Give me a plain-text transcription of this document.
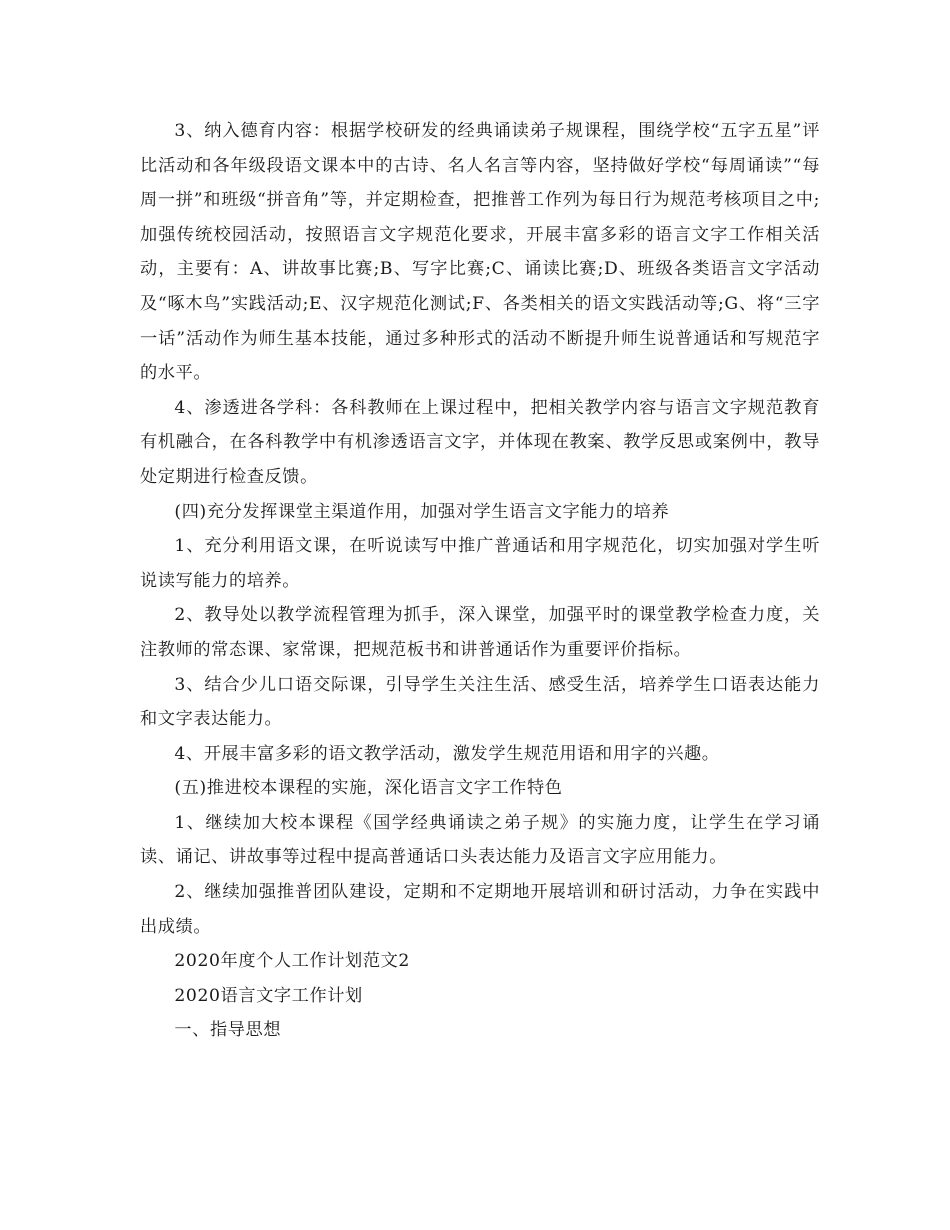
3、纳入德育内容：根据学校研发的经典诵读弟子规课程，围绕学校“五字五星”评比活动和各年级段语文课本中的古诗、名人名言等内容，坚持做好学校“每周诵读”“每周一拼”和班级“拼音角”等，并定期检查，把推普工作列为每日行为规范考核项目之中;加强传统校园活动，按照语言文字规范化要求，开展丰富多彩的语言文字工作相关活动，主要有：A、讲故事比赛;B、写字比赛;C、诵读比赛;D、班级各类语言文字活动及“啄木鸟”实践活动;E、汉字规范化测试;F、各类相关的语文实践活动等;G、将“三字一话”活动作为师生基本技能，通过多种形式的活动不断提升师生说普通话和写规范字的水平。

4、渗透进各学科：各科教师在上课过程中，把相关教学内容与语言文字规范教育有机融合，在各科教学中有机渗透语言文字，并体现在教案、教学反思或案例中，教导处定期进行检查反馈。

(四)充分发挥课堂主渠道作用，加强对学生语言文字能力的培养

1、充分利用语文课，在听说读写中推广普通话和用字规范化，切实加强对学生听说读写能力的培养。

2、教导处以教学流程管理为抓手，深入课堂，加强平时的课堂教学检查力度，关注教师的常态课、家常课，把规范板书和讲普通话作为重要评价指标。

3、结合少儿口语交际课，引导学生关注生活、感受生活，培养学生口语表达能力和文字表达能力。

4、开展丰富多彩的语文教学活动，激发学生规范用语和用字的兴趣。

(五)推进校本课程的实施，深化语言文字工作特色

1、继续加大校本课程《国学经典诵读之弟子规》的实施力度，让学生在学习诵读、诵记、讲故事等过程中提高普通话口头表达能力及语言文字应用能力。

2、继续加强推普团队建设，定期和不定期地开展培训和研讨活动，力争在实践中出成绩。

2020年度个人工作计划范文2

2020语言文字工作计划

一、指导思想
